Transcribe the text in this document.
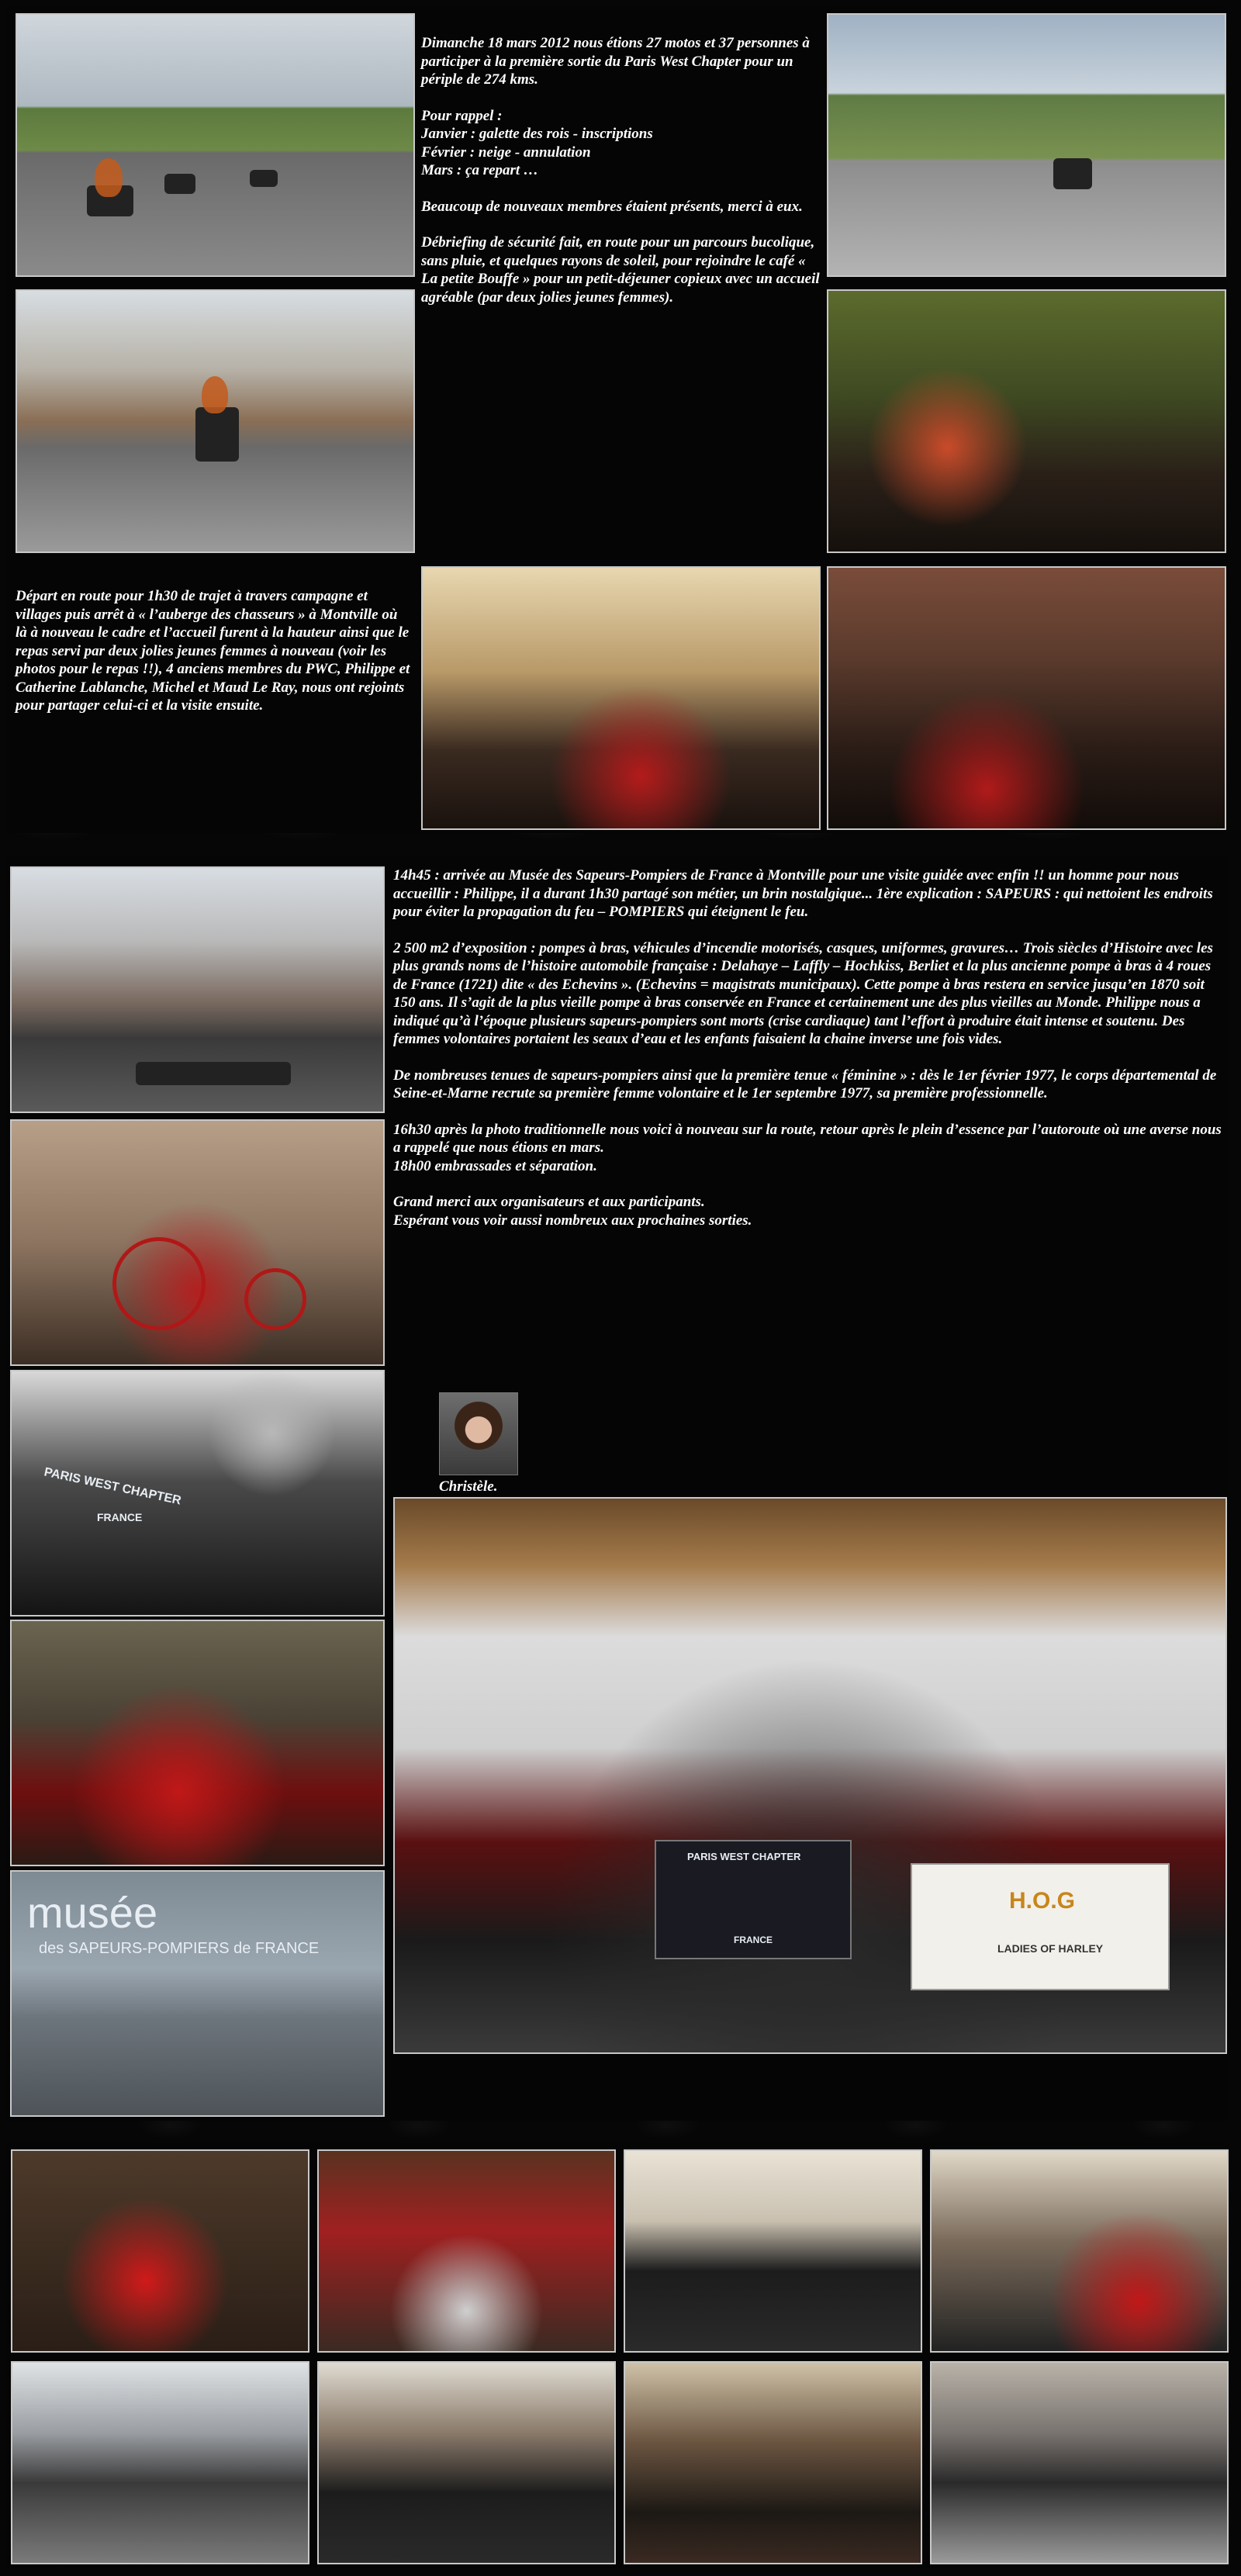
Dimanche 18 mars 2012 nous étions 27 motos et 37 personnes à participer à la première sortie du Paris West Chapter pour un périple de 274 kms.

Pour rappel :
Janvier : galette des rois - inscriptions
Février : neige - annulation

Mars : ça repart …

Beaucoup de nouveaux membres étaient présents, merci à eux.

Débriefing de sécurité fait, en route pour un parcours bucolique, sans pluie, et quelques rayons de soleil, pour rejoindre le café « La petite Bouffe » pour un petit-déjeuner copieux avec un accueil agréable (par deux jolies jeunes femmes).

Départ en route pour 1h30 de trajet à travers campagne et villages puis arrêt à « l’auberge des chasseurs » à Montville où là à nouveau le cadre et l’accueil furent à la hauteur ainsi que le repas servi par deux jolies jeunes femmes à nouveau (voir les photos pour le repas !!), 4 anciens membres du PWC, Philippe et Catherine Lablanche, Michel et Maud Le Ray, nous ont rejoints pour partager celui-ci et la visite ensuite.

14h45 : arrivée au Musée des Sapeurs-Pompiers de France à Montville pour une visite guidée avec enfin !! un homme pour nous accueillir : Philippe, il a durant 1h30 partagé son métier, un brin nostalgique... 1ère explication : SAPEURS : qui nettoient les endroits pour éviter la propagation du feu – POMPIERS qui éteignent le feu.

2 500 m2 d’exposition : pompes à bras, véhicules d’incendie motorisés, casques, uniformes, gravures… Trois siècles d’Histoire avec les plus grands noms de l’histoire automobile française : Delahaye – Laffly – Hochkiss, Berliet et la plus ancienne pompe à bras à 4 roues de France (1721) dite « des Echevins ». (Echevins = magistrats municipaux). Cette pompe à bras restera en service jusqu’en 1870 soit 150 ans. Il s’agit de la plus vieille pompe à bras conservée en France et certainement une des plus vieilles au Monde. Philippe nous a indiqué qu’à l’époque plusieurs sapeurs-pompiers sont morts (crise cardiaque) tant l’effort à produire était intense et soutenu. Des femmes volontaires portaient les seaux d’eau et les enfants faisaient la chaine inverse une fois vides.

De nombreuses tenues de sapeurs-pompiers ainsi que la première tenue « féminine » : dès le 1er février 1977, le corps départemental de Seine-et-Marne recrute sa première femme volontaire et le 1er septembre 1977, sa première professionnelle.

16h30 après la photo traditionnelle nous voici à nouveau sur la route, retour après le plein d’essence par l’autoroute où une averse nous a rappelé que nous étions en mars.

18h00 embrassades et séparation.

Grand merci aux organisateurs et aux participants.
Espérant vous voir aussi nombreux aux prochaines sorties.
Christèle.
PARIS WEST CHAPTER
FRANCE
musée
des SAPEURS-POMPIERS de FRANCE
PARIS WEST CHAPTER
FRANCE
H.O.G
LADIES OF HARLEY
